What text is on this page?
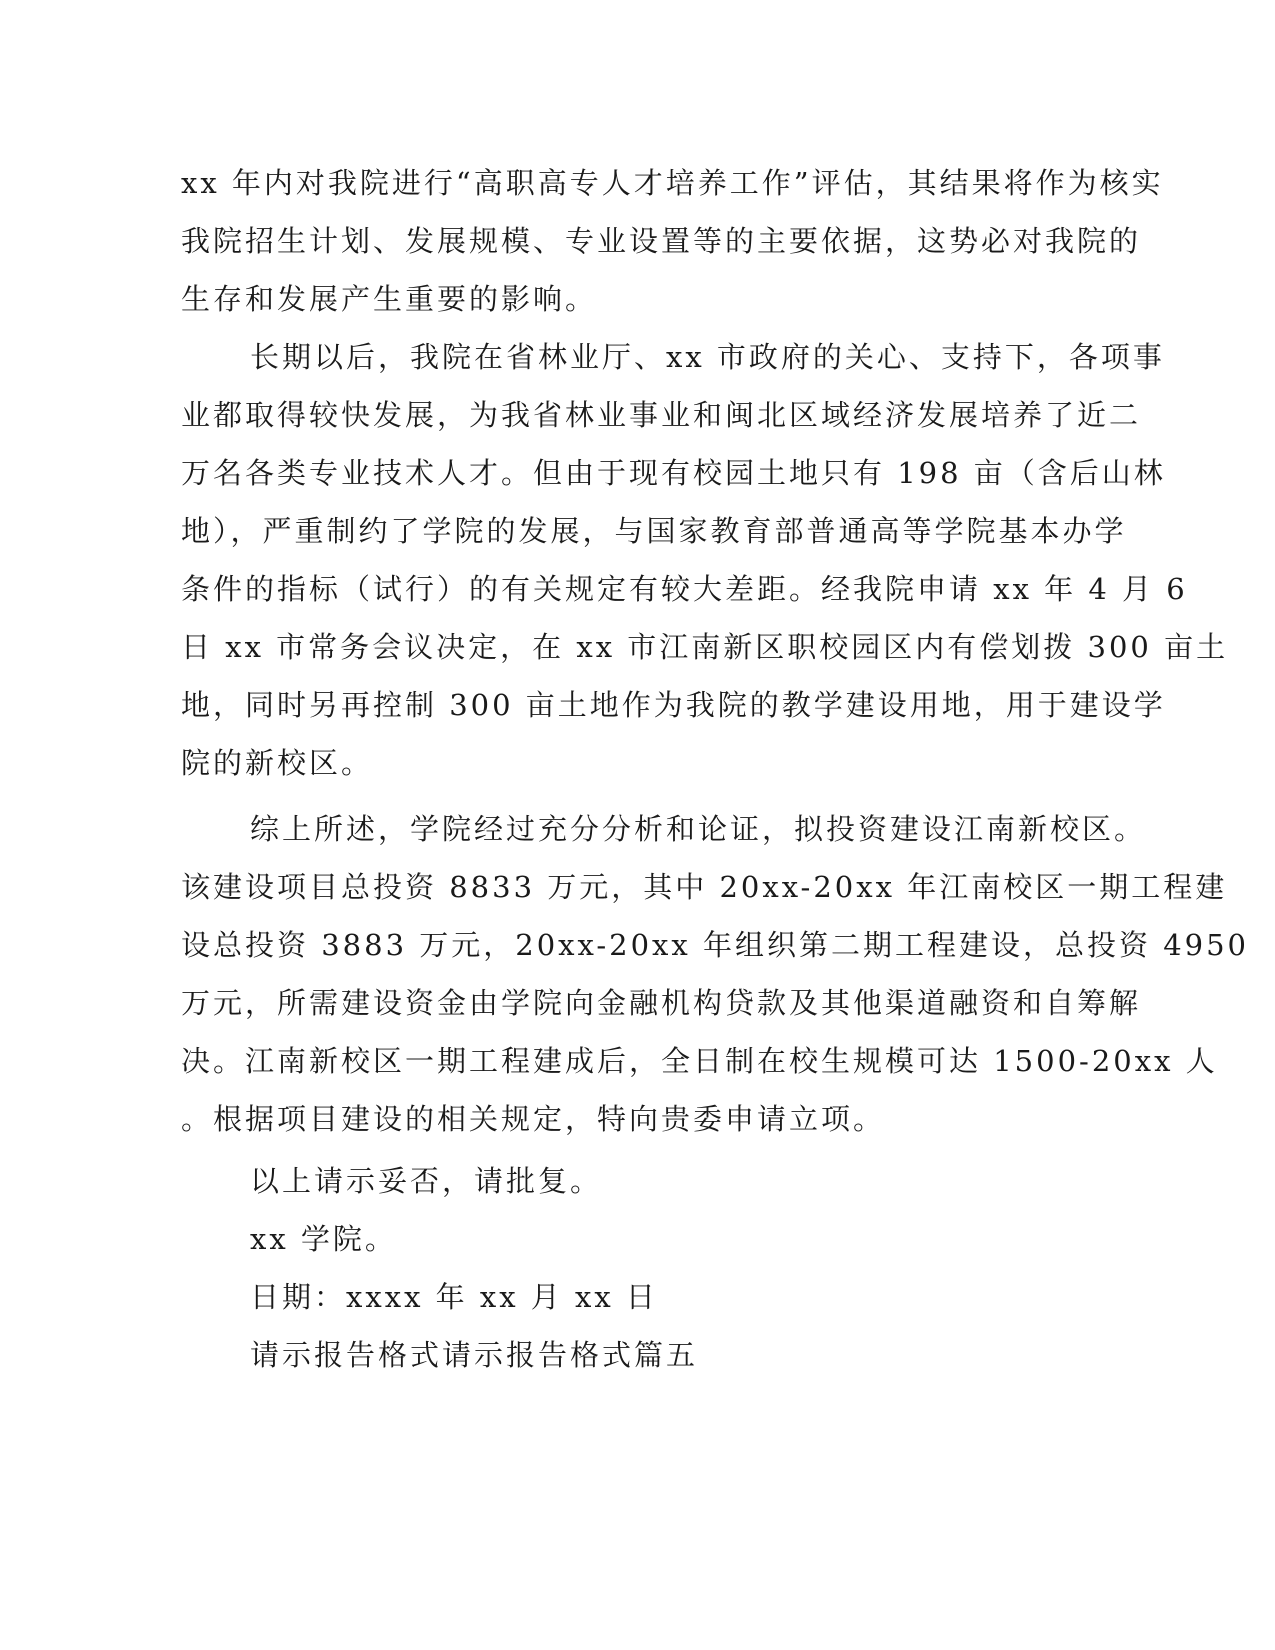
xx 年内对我院进行“高职高专人才培养工作”评估，其结果将作为核实
我院招生计划、发展规模、专业设置等的主要依据，这势必对我院的
生存和发展产生重要的影响。
长期以后，我院在省林业厅、xx 市政府的关心、支持下，各项事
业都取得较快发展，为我省林业事业和闽北区域经济发展培养了近二
万名各类专业技术人才。但由于现有校园土地只有 198 亩（含后山林
地），严重制约了学院的发展，与国家教育部普通高等学院基本办学
条件的指标（试行）的有关规定有较大差距。经我院申请 xx 年 4 月 6
日 xx 市常务会议决定，在 xx 市江南新区职校园区内有偿划拨 300 亩土
地，同时另再控制 300 亩土地作为我院的教学建设用地，用于建设学
院的新校区。
综上所述，学院经过充分分析和论证，拟投资建设江南新校区。
该建设项目总投资 8833 万元，其中 20xx-20xx 年江南校区一期工程建
设总投资 3883 万元，20xx-20xx 年组织第二期工程建设，总投资 4950
万元，所需建设资金由学院向金融机构贷款及其他渠道融资和自筹解
决。江南新校区一期工程建成后，全日制在校生规模可达 1500-20xx 人
。根据项目建设的相关规定，特向贵委申请立项。
以上请示妥否，请批复。
xx 学院。
日期：xxxx 年 xx 月 xx 日
请示报告格式请示报告格式篇五
